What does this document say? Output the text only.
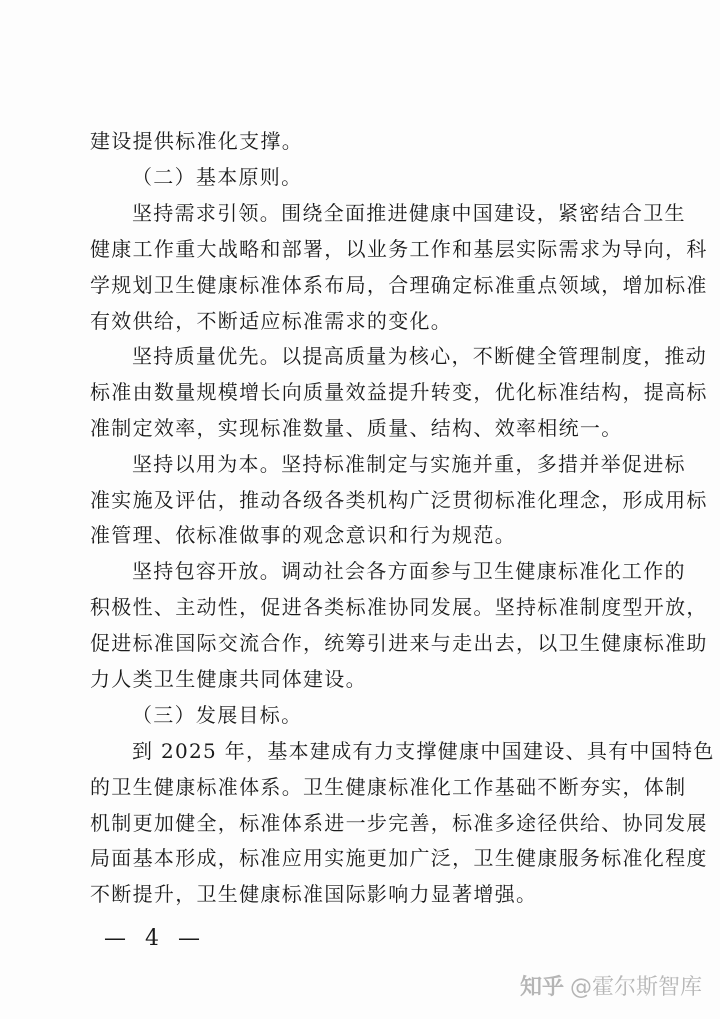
建设提供标准化支撑。
（二）基本原则。
坚持需求引领。围绕全面推进健康中国建设，紧密结合卫生
健康工作重大战略和部署，以业务工作和基层实际需求为导向，科
学规划卫生健康标准体系布局，合理确定标准重点领域，增加标准
有效供给，不断适应标准需求的变化。
坚持质量优先。以提高质量为核心，不断健全管理制度，推动
标准由数量规模增长向质量效益提升转变，优化标准结构，提高标
准制定效率，实现标准数量、质量、结构、效率相统一。
坚持以用为本。坚持标准制定与实施并重，多措并举促进标
准实施及评估，推动各级各类机构广泛贯彻标准化理念，形成用标
准管理、依标准做事的观念意识和行为规范。
坚持包容开放。调动社会各方面参与卫生健康标准化工作的
积极性、主动性，促进各类标准协同发展。坚持标准制度型开放，
促进标准国际交流合作，统筹引进来与走出去，以卫生健康标准助
力人类卫生健康共同体建设。
（三）发展目标。
到 2025 年，基本建成有力支撑健康中国建设、具有中国特色
的卫生健康标准体系。卫生健康标准化工作基础不断夯实，体制
机制更加健全，标准体系进一步完善，标准多途径供给、协同发展
局面基本形成，标准应用实施更加广泛，卫生健康服务标准化程度
不断提升，卫生健康标准国际影响力显著增强。
— 4 —
知乎 @霍尔斯智库
